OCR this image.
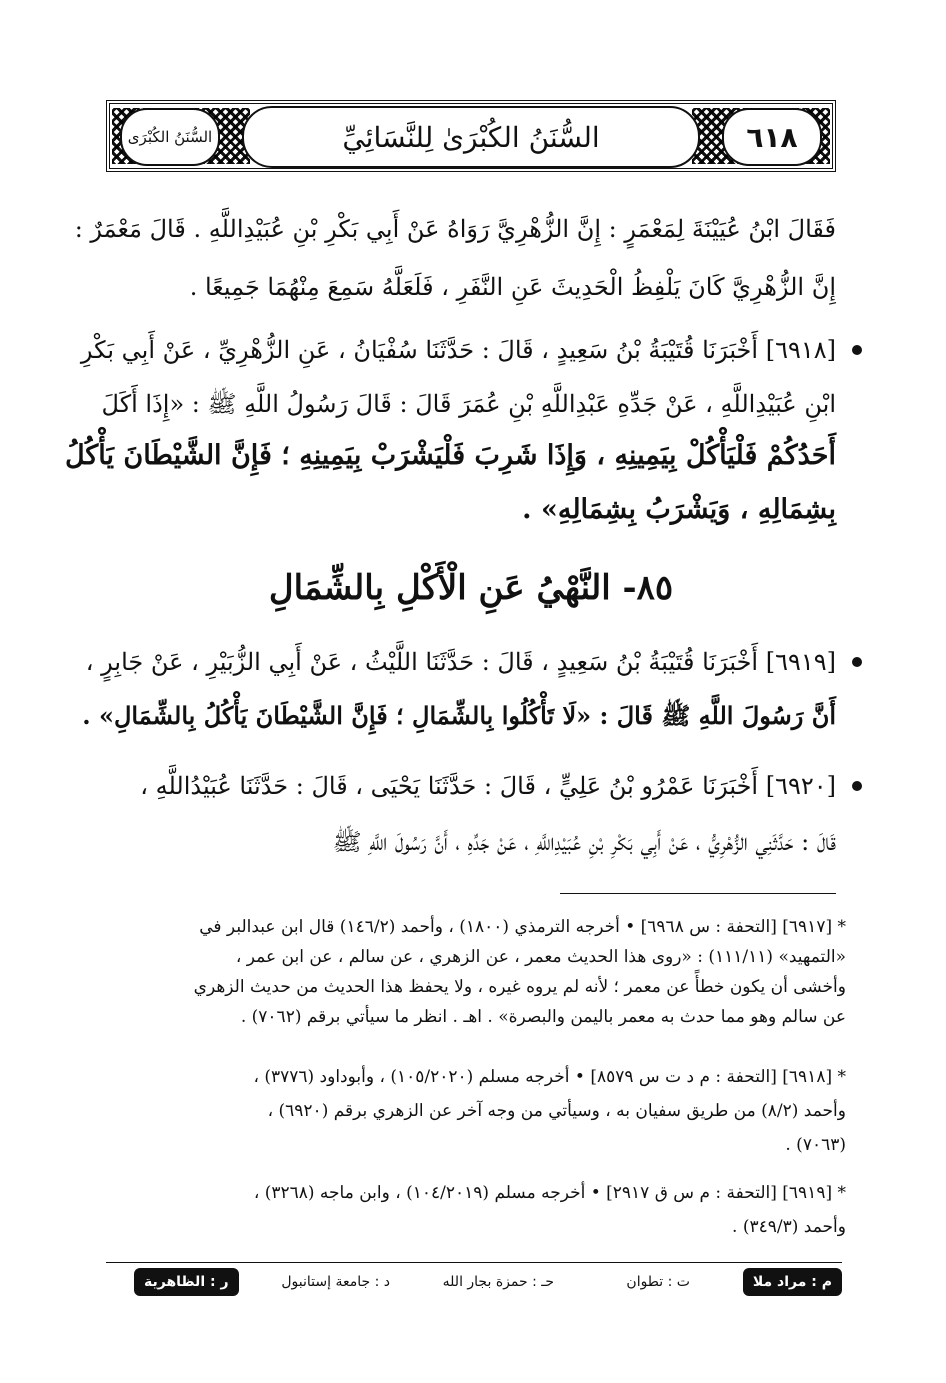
السُّنَنُ الكُبْرَىٰ لِلنَّسَائِيِّ
السُّنَنُ الكُبْرَى	٦١٨
فَقَالَ ابْنُ عُيَيْنَةَ لِمَعْمَرٍ : إِنَّ الزُّهْرِيَّ رَوَاهُ عَنْ أَبِي بَكْرِ بْنِ عُبَيْدِاللَّهِ . قَالَ مَعْمَرٌ :
إِنَّ الزُّهْرِيَّ كَانَ يَلْفِظُ الْحَدِيثَ عَنِ النَّفَرِ ، فَلَعَلَّهُ سَمِعَ مِنْهُمَا جَمِيعًا .
[٦٩١٨] أَخْبَرَنَا قُتَيْبَةُ بْنُ سَعِيدٍ ، قَالَ : حَدَّثَنَا سُفْيَانُ ، عَنِ الزُّهْرِيِّ ، عَنْ أَبِي بَكْرِ
ابْنِ عُبَيْدِاللَّهِ ، عَنْ جَدِّهِ عَبْدِاللَّهِ بْنِ عُمَرَ قَالَ : قَالَ رَسُولُ اللَّهِ ﷺ : «إِذَا أَكَلَ
أَحَدُكُمْ فَلْيَأْكُلْ بِيَمِينِهِ ، وَإِذَا شَرِبَ فَلْيَشْرَبْ بِيَمِينِهِ ؛ فَإِنَّ الشَّيْطَانَ يَأْكُلُ
بِشِمَالِهِ ، وَيَشْرَبُ بِشِمَالِهِ» .
٨٥- النَّهْيُ عَنِ الْأَكْلِ بِالشِّمَالِ
[٦٩١٩] أَخْبَرَنَا قُتَيْبَةُ بْنُ سَعِيدٍ ، قَالَ : حَدَّثَنَا اللَّيْثُ ، عَنْ أَبِي الزُّبَيْرِ ، عَنْ جَابِرٍ ،
أَنَّ رَسُولَ اللَّهِ ﷺ قَالَ : «لَا تَأْكُلُوا بِالشِّمَالِ ؛ فَإِنَّ الشَّيْطَانَ يَأْكُلُ بِالشِّمَالِ» .
[٦٩٢٠] أَخْبَرَنَا عَمْرُو بْنُ عَلِيٍّ ، قَالَ : حَدَّثَنَا يَحْيَى ، قَالَ : حَدَّثَنَا عُبَيْدُاللَّهِ ،
قَالَ : حَدَّثَنِي الزُّهْرِيُّ ، عَنْ أَبِي بَكْرِ بْنِ عُبَيْدِاللَّهِ ، عَنْ جَدِّهِ ، أَنَّ رَسُولَ اللَّهِ ﷺ
* [٦٩١٧] [التحفة : س ٦٩٦٨] • أخرجه الترمذي (١٨٠٠) ، وأحمد (١٤٦/٢) قال ابن عبدالبر في
«التمهيد» (١١١/١١) : «روى هذا الحديث معمر ، عن الزهري ، عن سالم ، عن ابن عمر ،
وأخشى أن يكون خطأً عن معمر ؛ لأنه لم يروه غيره ، ولا يحفظ هذا الحديث من حديث الزهري
عن سالم وهو مما حدث به معمر باليمن والبصرة» . اهـ . انظر ما سيأتي برقم (٧٠٦٢) .
* [٦٩١٨] [التحفة : م د ت س ٨٥٧٩] • أخرجه مسلم (١٠٥/٢٠٢٠) ، وأبوداود (٣٧٧٦) ،
وأحمد (٨/٢) من طريق سفيان به ، وسيأتي من وجه آخر عن الزهري برقم (٦٩٢٠) ،
(٧٠٦٣) .
* [٦٩١٩] [التحفة : م س ق ٢٩١٧] • أخرجه مسلم (١٠٤/٢٠١٩) ، وابن ماجه (٣٢٦٨) ،
وأحمد (٣٤٩/٣) .
م : مراد ملا
ت : تطوان
حـ : حمزة بجار الله
د : جامعة إستانبول
ر : الظاهرية
